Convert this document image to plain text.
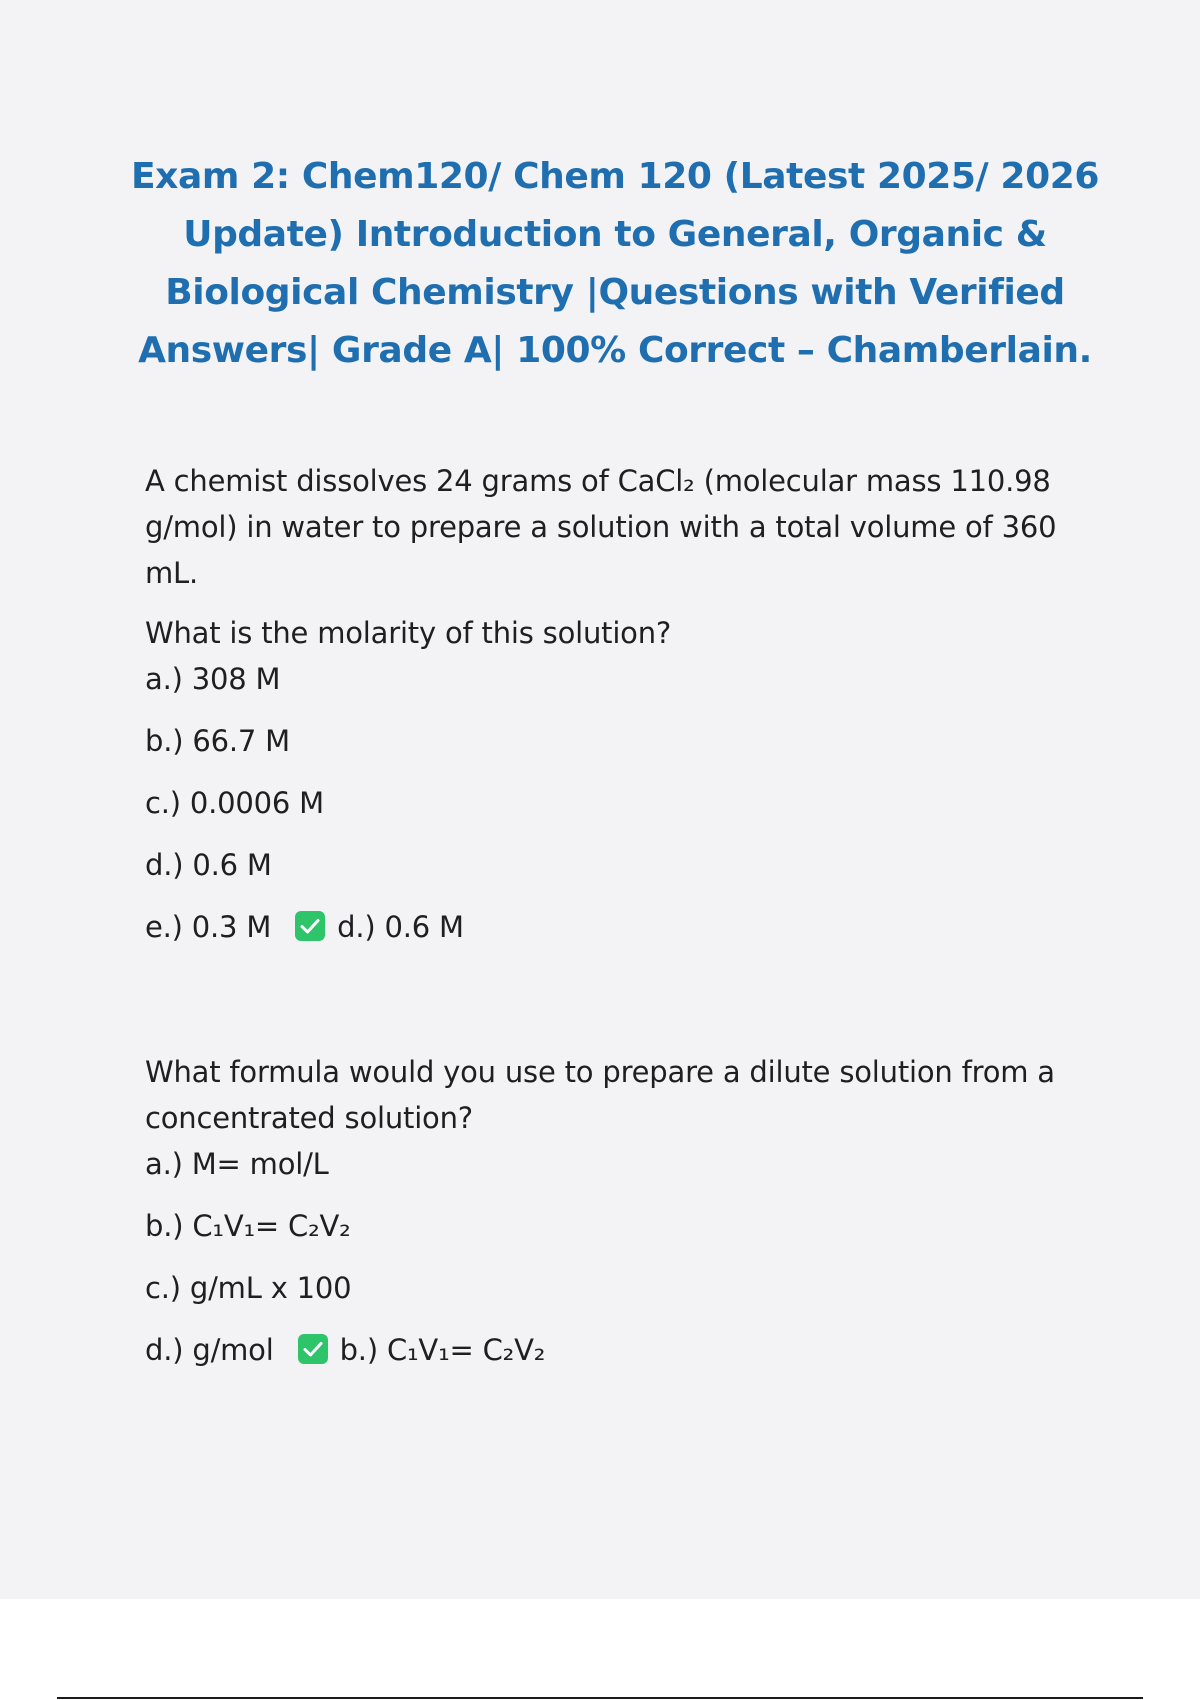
Exam 2: Chem120/ Chem 120 (Latest 2025/ 2026 Update) Introduction to General, Organic & Biological Chemistry |Questions with Verified Answers| Grade A| 100% Correct – Chamberlain.

A chemist dissolves 24 grams of CaCl₂ (molecular mass 110.98 g/mol) in water to prepare a solution with a total volume of 360 mL.

What is the molarity of this solution?

a.) 308 M

b.) 66.7 M

c.) 0.0006 M

d.) 0.6 M

e.) 0.3 M d.) 0.6 M

What formula would you use to prepare a dilute solution from a concentrated solution?

a.) M= mol/L

b.) C₁V₁= C₂V₂

c.) g/mL x 100

d.) g/mol b.) C₁V₁= C₂V₂
